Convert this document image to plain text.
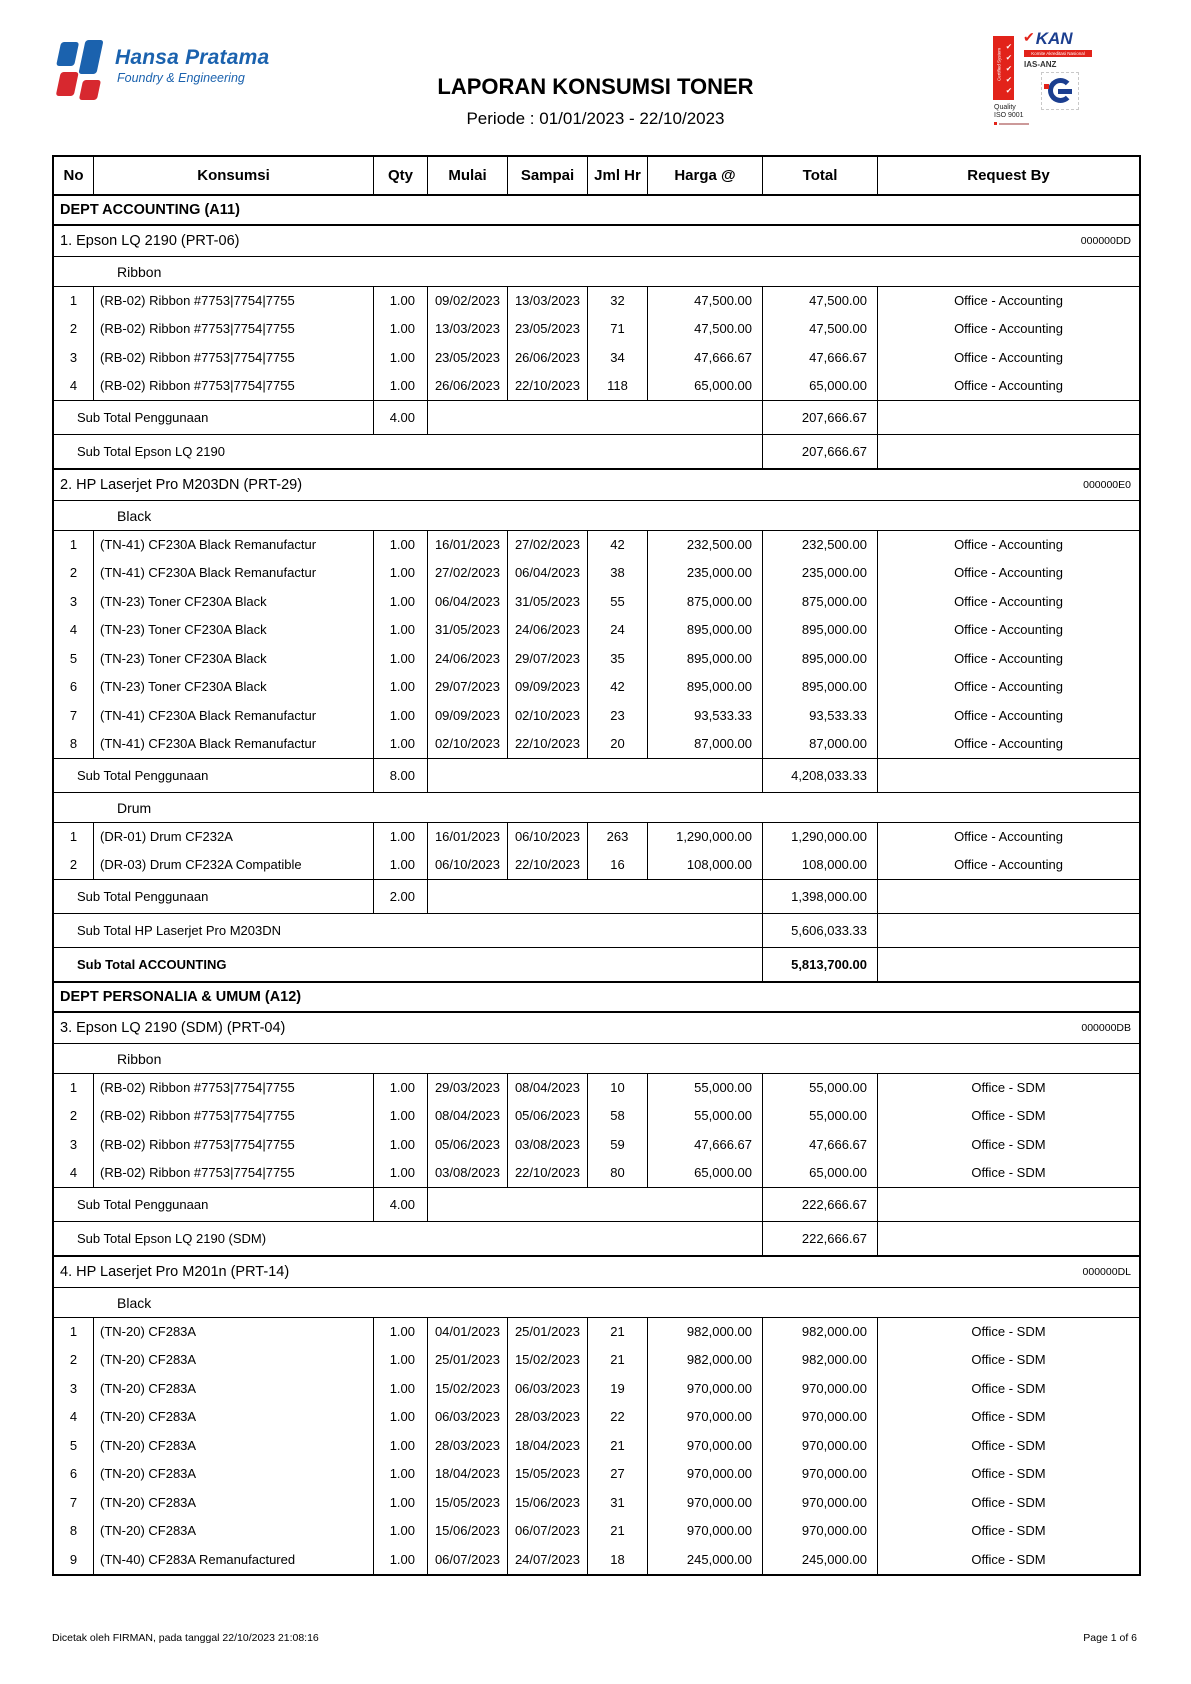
Hansa Pratama
Foundry & Engineering	LAPORAN KONSUMSI TONER
Periode : 01/01/2023 - 22/10/2023
✔
✔
✔
✔
✔
Certified System
Quality
ISO 9001
✔ KAN
Komite Akreditasi Nasional
IAS-ANZ
No	Konsumsi	Qty	Mulai	Sampai	Jml Hr	Harga @	Total	Request By
DEPT ACCOUNTING (A11)
1. Epson LQ 2190 (PRT-06)	000000DD
Ribbon
1	(RB-02) Ribbon #7753|7754|7755	1.00	09/02/2023	13/03/2023	32	47,500.00	47,500.00	Office - Accounting
2	(RB-02) Ribbon #7753|7754|7755	1.00	13/03/2023	23/05/2023	71	47,500.00	47,500.00	Office - Accounting
3	(RB-02) Ribbon #7753|7754|7755	1.00	23/05/2023	26/06/2023	34	47,666.67	47,666.67	Office - Accounting
4	(RB-02) Ribbon #7753|7754|7755	1.00	26/06/2023	22/10/2023	118	65,000.00	65,000.00	Office - Accounting
Sub Total Penggunaan	4.00	207,666.67
Sub Total Epson LQ 2190	207,666.67
2. HP Laserjet Pro M203DN (PRT-29)	000000E0
Black
1	(TN-41) CF230A Black Remanufactur	1.00	16/01/2023	27/02/2023	42	232,500.00	232,500.00	Office - Accounting
2	(TN-41) CF230A Black Remanufactur	1.00	27/02/2023	06/04/2023	38	235,000.00	235,000.00	Office - Accounting
3	(TN-23) Toner CF230A Black	1.00	06/04/2023	31/05/2023	55	875,000.00	875,000.00	Office - Accounting
4	(TN-23) Toner CF230A Black	1.00	31/05/2023	24/06/2023	24	895,000.00	895,000.00	Office - Accounting
5	(TN-23) Toner CF230A Black	1.00	24/06/2023	29/07/2023	35	895,000.00	895,000.00	Office - Accounting
6	(TN-23) Toner CF230A Black	1.00	29/07/2023	09/09/2023	42	895,000.00	895,000.00	Office - Accounting
7	(TN-41) CF230A Black Remanufactur	1.00	09/09/2023	02/10/2023	23	93,533.33	93,533.33	Office - Accounting
8	(TN-41) CF230A Black Remanufactur	1.00	02/10/2023	22/10/2023	20	87,000.00	87,000.00	Office - Accounting
Sub Total Penggunaan	8.00	4,208,033.33
Drum
1	(DR-01) Drum CF232A	1.00	16/01/2023	06/10/2023	263	1,290,000.00	1,290,000.00	Office - Accounting
2	(DR-03) Drum CF232A Compatible	1.00	06/10/2023	22/10/2023	16	108,000.00	108,000.00	Office - Accounting
Sub Total Penggunaan	2.00	1,398,000.00
Sub Total HP Laserjet Pro M203DN	5,606,033.33
Sub Total ACCOUNTING	5,813,700.00
DEPT PERSONALIA & UMUM (A12)
3. Epson LQ 2190 (SDM) (PRT-04)	000000DB
Ribbon
1	(RB-02) Ribbon #7753|7754|7755	1.00	29/03/2023	08/04/2023	10	55,000.00	55,000.00	Office - SDM
2	(RB-02) Ribbon #7753|7754|7755	1.00	08/04/2023	05/06/2023	58	55,000.00	55,000.00	Office - SDM
3	(RB-02) Ribbon #7753|7754|7755	1.00	05/06/2023	03/08/2023	59	47,666.67	47,666.67	Office - SDM
4	(RB-02) Ribbon #7753|7754|7755	1.00	03/08/2023	22/10/2023	80	65,000.00	65,000.00	Office - SDM
Sub Total Penggunaan	4.00	222,666.67
Sub Total Epson LQ 2190 (SDM)	222,666.67
4. HP Laserjet Pro M201n (PRT-14)	000000DL
Black
1	(TN-20) CF283A	1.00	04/01/2023	25/01/2023	21	982,000.00	982,000.00	Office - SDM
2	(TN-20) CF283A	1.00	25/01/2023	15/02/2023	21	982,000.00	982,000.00	Office - SDM
3	(TN-20) CF283A	1.00	15/02/2023	06/03/2023	19	970,000.00	970,000.00	Office - SDM
4	(TN-20) CF283A	1.00	06/03/2023	28/03/2023	22	970,000.00	970,000.00	Office - SDM
5	(TN-20) CF283A	1.00	28/03/2023	18/04/2023	21	970,000.00	970,000.00	Office - SDM
6	(TN-20) CF283A	1.00	18/04/2023	15/05/2023	27	970,000.00	970,000.00	Office - SDM
7	(TN-20) CF283A	1.00	15/05/2023	15/06/2023	31	970,000.00	970,000.00	Office - SDM
8	(TN-20) CF283A	1.00	15/06/2023	06/07/2023	21	970,000.00	970,000.00	Office - SDM
9	(TN-40) CF283A Remanufactured	1.00	06/07/2023	24/07/2023	18	245,000.00	245,000.00	Office - SDM
Dicetak oleh FIRMAN, pada tanggal 22/10/2023 21:08:16	Page 1 of 6
